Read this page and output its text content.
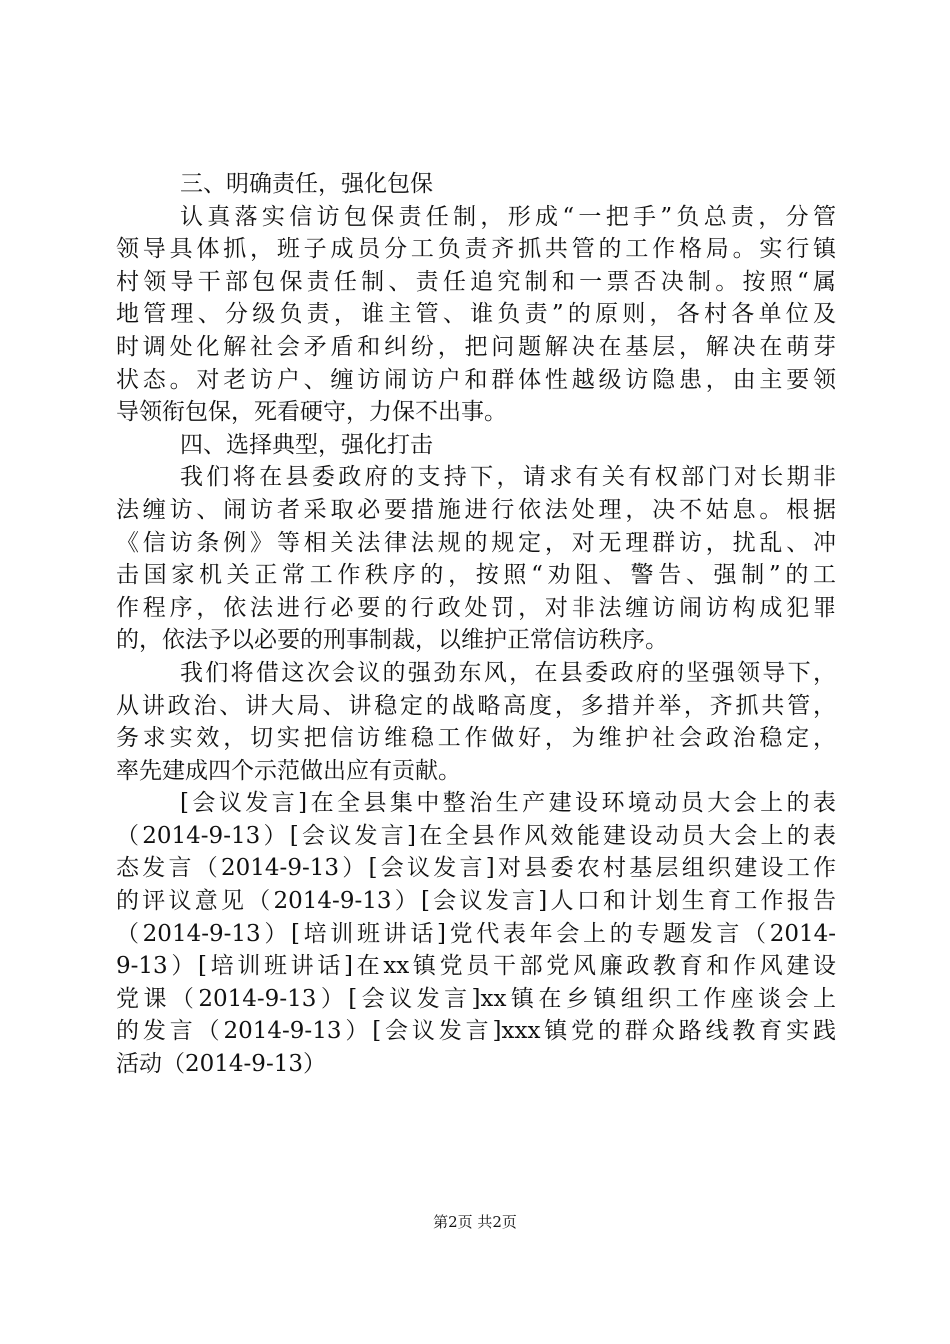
三、明确责任，强化包保
认真落实信访包保责任制，形成“一把手”负总责，分管
领导具体抓，班子成员分工负责齐抓共管的工作格局。实行镇
村领导干部包保责任制、责任追究制和一票否决制。按照“属
地管理、分级负责，谁主管、谁负责”的原则，各村各单位及
时调处化解社会矛盾和纠纷，把问题解决在基层，解决在萌芽
状态。对老访户、缠访闹访户和群体性越级访隐患，由主要领
导领衔包保，死看硬守，力保不出事。
四、选择典型，强化打击
我们将在县委政府的支持下，请求有关有权部门对长期非
法缠访、闹访者采取必要措施进行依法处理，决不姑息。根据
《信访条例》等相关法律法规的规定，对无理群访，扰乱、冲
击国家机关正常工作秩序的，按照“劝阻、警告、强制”的工
作程序，依法进行必要的行政处罚，对非法缠访闹访构成犯罪
的，依法予以必要的刑事制裁，以维护正常信访秩序。
我们将借这次会议的强劲东风，在县委政府的坚强领导下，
从讲政治、讲大局、讲稳定的战略高度，多措并举，齐抓共管，
务求实效，切实把信访维稳工作做好，为维护社会政治稳定，
率先建成四个示范做出应有贡献。
[会议发言]在全县集中整治生产建设环境动员大会上的表
（2014-9-13）[会议发言]在全县作风效能建设动员大会上的表
态发言（2014-9-13）[会议发言]对县委农村基层组织建设工作
的评议意见（2014-9-13）[会议发言]人口和计划生育工作报告
（2014-9-13）[培训班讲话]党代表年会上的专题发言（2014-
9-13）[培训班讲话]在xx镇党员干部党风廉政教育和作风建设
党课（2014-9-13）[会议发言]xx镇在乡镇组织工作座谈会上
的发言（2014-9-13）[会议发言]xxx镇党的群众路线教育实践
活动（2014-9-13）
第2页 共2页
